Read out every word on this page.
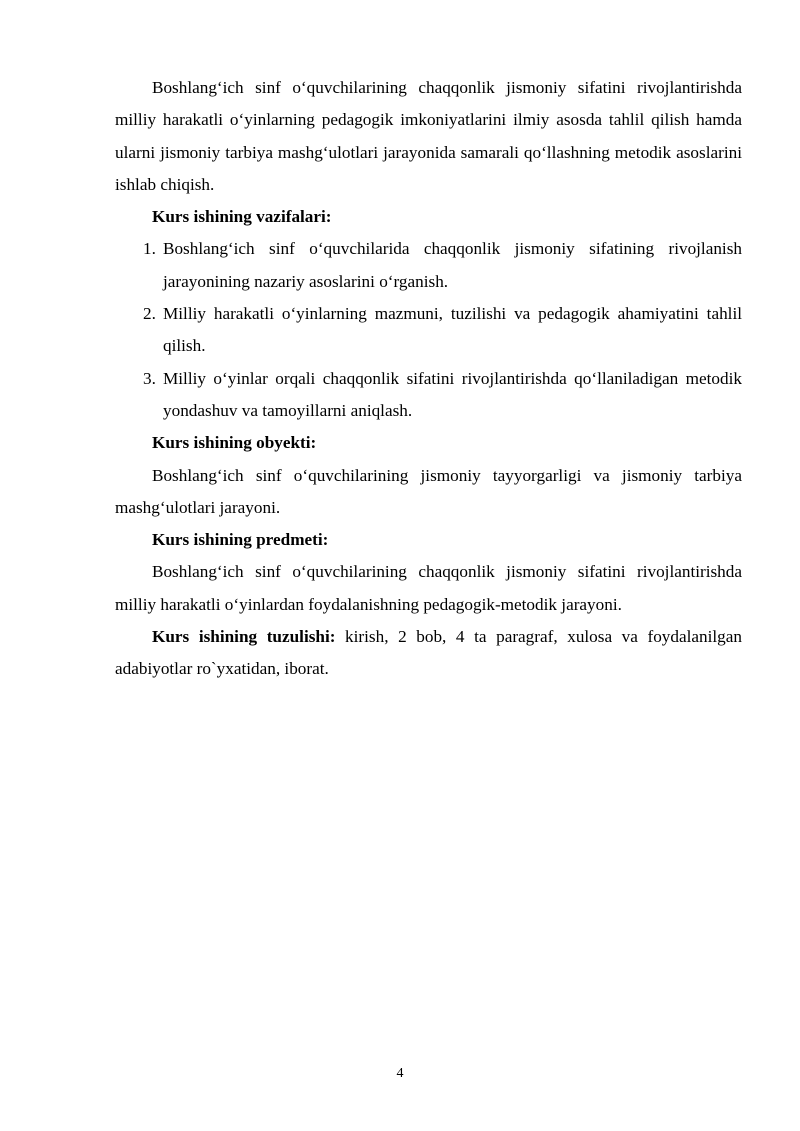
Boshlang‘ich sinf o‘quvchilarining chaqqonlik jismoniy sifatini rivojlantirishda milliy harakatli o‘yinlarning pedagogik imkoniyatlarini ilmiy asosda tahlil qilish hamda ularni jismoniy tarbiya mashg‘ulotlari jarayonida samarali qo‘llashning metodik asoslarini ishlab chiqish.

Kurs ishining vazifalari:

1. Boshlang‘ich sinf o‘quvchilarida chaqqonlik jismoniy sifatining rivojlanish jarayonining nazariy asoslarini o‘rganish.
2. Milliy harakatli o‘yinlarning mazmuni, tuzilishi va pedagogik ahamiyatini tahlil qilish.
3. Milliy o‘yinlar orqali chaqqonlik sifatini rivojlantirishda qo‘llaniladigan metodik yondashuv va tamoyillarni aniqlash.

Kurs ishining obyekti:

Boshlang‘ich sinf o‘quvchilarining jismoniy tayyorgarligi va jismoniy tarbiya mashg‘ulotlari jarayoni.

Kurs ishining predmeti:

Boshlang‘ich sinf o‘quvchilarining chaqqonlik jismoniy sifatini rivojlantirishda milliy harakatli o‘yinlardan foydalanishning pedagogik-metodik jarayoni.

Kurs ishining tuzulishi: kirish, 2 bob, 4 ta paragraf, xulosa va foydalanilgan adabiyotlar ro`yxatidan, iborat.

4
